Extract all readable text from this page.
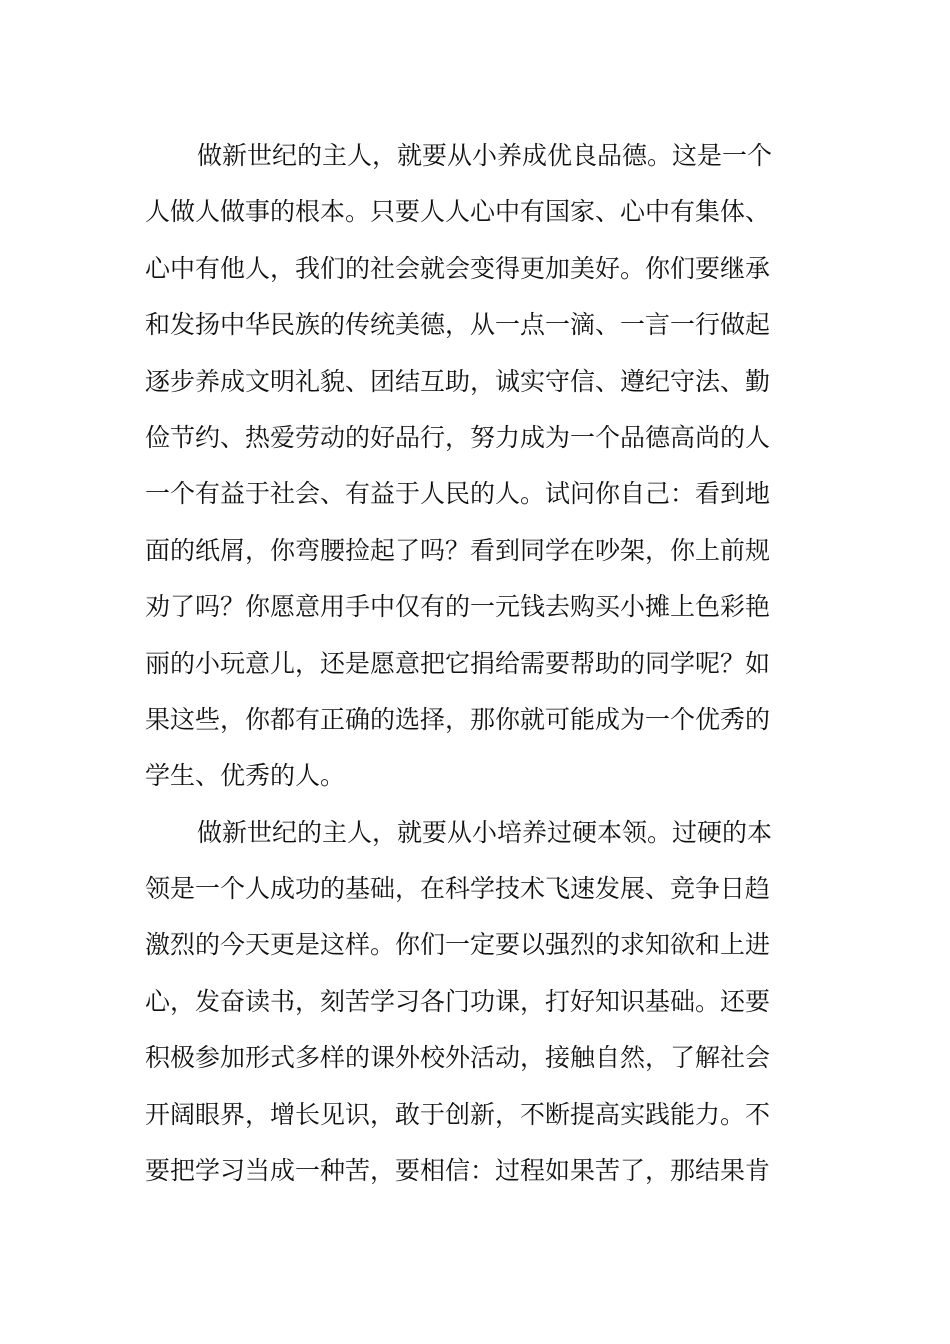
做新世纪的主人，就要从小养成优良品德。这是一个
人做人做事的根本。只要人人心中有国家、心中有集体、
心中有他人，我们的社会就会变得更加美好。你们要继承
和发扬中华民族的传统美德，从一点一滴、一言一行做起
逐步养成文明礼貌、团结互助，诚实守信、遵纪守法、勤
俭节约、热爱劳动的好品行，努力成为一个品德高尚的人
一个有益于社会、有益于人民的人。试问你自己：看到地
面的纸屑，你弯腰捡起了吗？看到同学在吵架，你上前规
劝了吗？你愿意用手中仅有的一元钱去购买小摊上色彩艳
丽的小玩意儿，还是愿意把它捐给需要帮助的同学呢？如
果这些，你都有正确的选择，那你就可能成为一个优秀的
学生、优秀的人。
做新世纪的主人，就要从小培养过硬本领。过硬的本
领是一个人成功的基础，在科学技术飞速发展、竞争日趋
激烈的今天更是这样。你们一定要以强烈的求知欲和上进
心，发奋读书，刻苦学习各门功课，打好知识基础。还要
积极参加形式多样的课外校外活动，接触自然，了解社会
开阔眼界，增长见识，敢于创新，不断提高实践能力。不
要把学习当成一种苦，要相信：过程如果苦了，那结果肯
